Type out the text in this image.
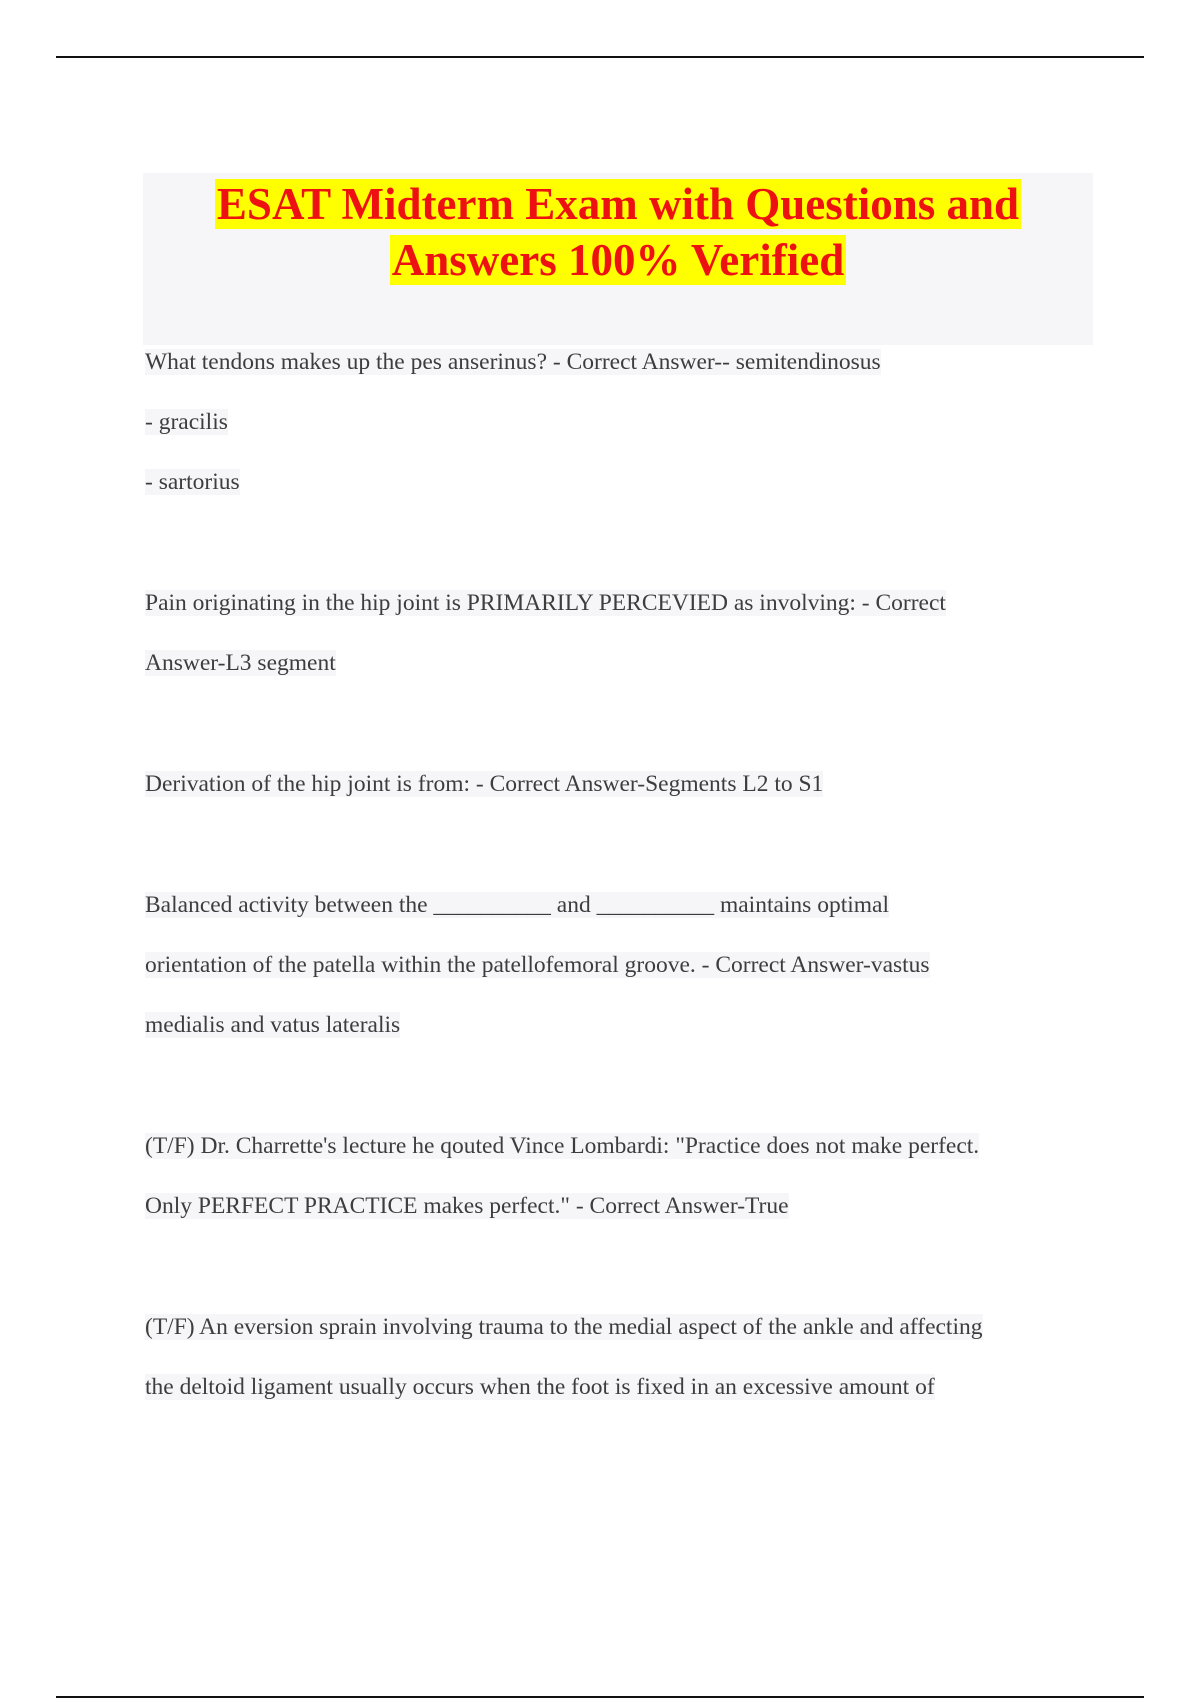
ESAT Midterm Exam with Questions and
Answers 100% Verified
What tendons makes up the pes anserinus? - Correct Answer-- semitendinosus
- gracilis
- sartorius
Pain originating in the hip joint is PRIMARILY PERCEVIED as involving: - Correct
Answer-L3 segment
Derivation of the hip joint is from: - Correct Answer-Segments L2 to S1
Balanced activity between the __________ and __________ maintains optimal
orientation of the patella within the patellofemoral groove. - Correct Answer-vastus
medialis and vatus lateralis
(T/F) Dr. Charrette's lecture he qouted Vince Lombardi: "Practice does not make perfect.
Only PERFECT PRACTICE makes perfect." - Correct Answer-True
(T/F) An eversion sprain involving trauma to the medial aspect of the ankle and affecting
the deltoid ligament usually occurs when the foot is fixed in an excessive amount of
